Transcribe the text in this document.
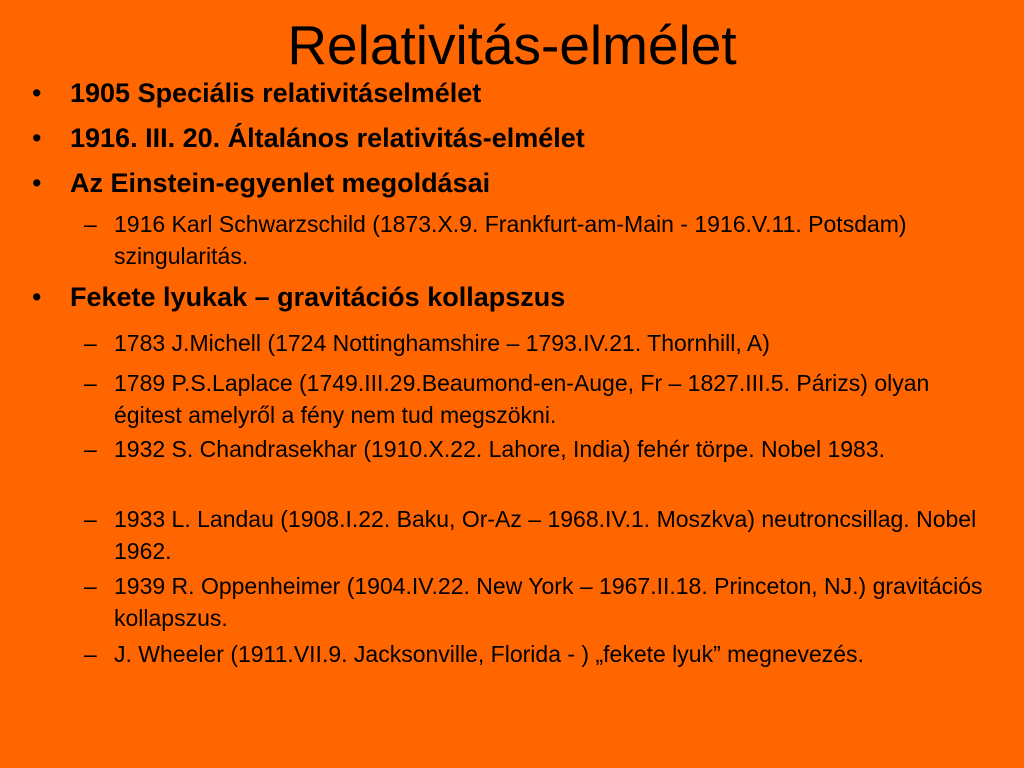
Relativitás-elmélet
• 1905 Speciális relativitáselmélet
• 1916. III. 20. Általános relativitás-elmélet
• Az Einstein-egyenlet megoldásai
– 1916 Karl Schwarzschild (1873.X.9. Frankfurt-am-Main - 1916.V.11. Potsdam) szingularitás.
• Fekete lyukak – gravitációs kollapszus
– 1783 J.Michell (1724 Nottinghamshire – 1793.IV.21. Thornhill, A)
– 1789 P.S.Laplace (1749.III.29.Beaumond-en-Auge, Fr – 1827.III.5. Párizs) olyan égitest amelyről a fény nem tud megszökni.
– 1932 S. Chandrasekhar (1910.X.22. Lahore, India) fehér törpe. Nobel 1983.
– 1933 L. Landau (1908.I.22. Baku, Or-Az – 1968.IV.1. Moszkva) neutroncsillag. Nobel 1962.
– 1939 R. Oppenheimer (1904.IV.22. New York – 1967.II.18. Princeton, NJ.) gravitációs kollapszus.
– J. Wheeler (1911.VII.9. Jacksonville, Florida - ) „fekete lyuk” megnevezés.
